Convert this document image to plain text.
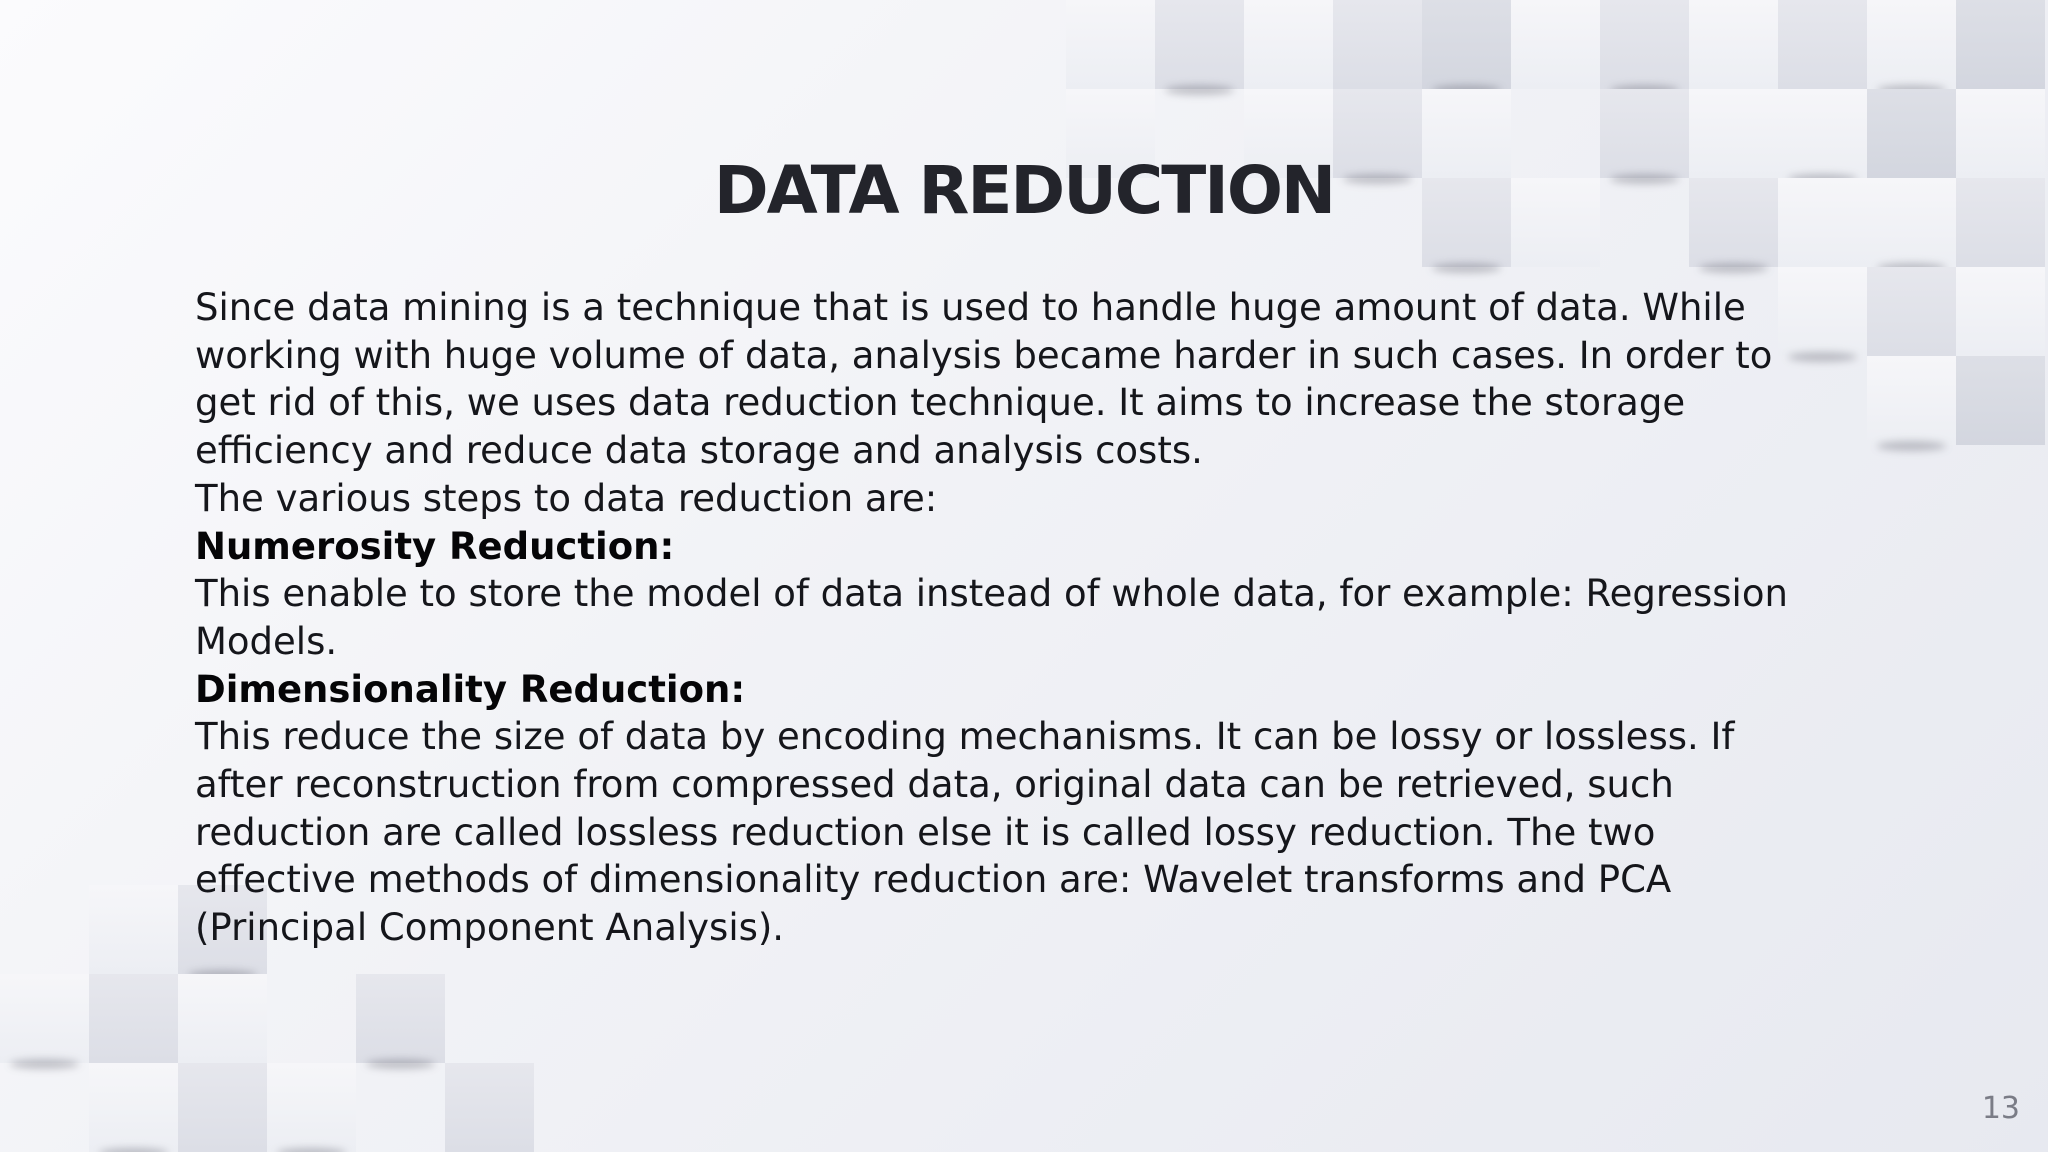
DATA REDUCTION

Since data mining is a technique that is used to handle huge amount of data. While working with huge volume of data, analysis became harder in such cases. In order to get rid of this, we uses data reduction technique. It aims to increase the storage efficiency and reduce data storage and analysis costs.

The various steps to data reduction are:

Numerosity Reduction:

This enable to store the model of data instead of whole data, for example: Regression Models.

Dimensionality Reduction:

This reduce the size of data by encoding mechanisms. It can be lossy or lossless. If after reconstruction from compressed data, original data can be retrieved, such reduction are called lossless reduction else it is called lossy reduction. The two effective methods of dimensionality reduction are: Wavelet transforms and PCA (Principal Component Analysis).

13
